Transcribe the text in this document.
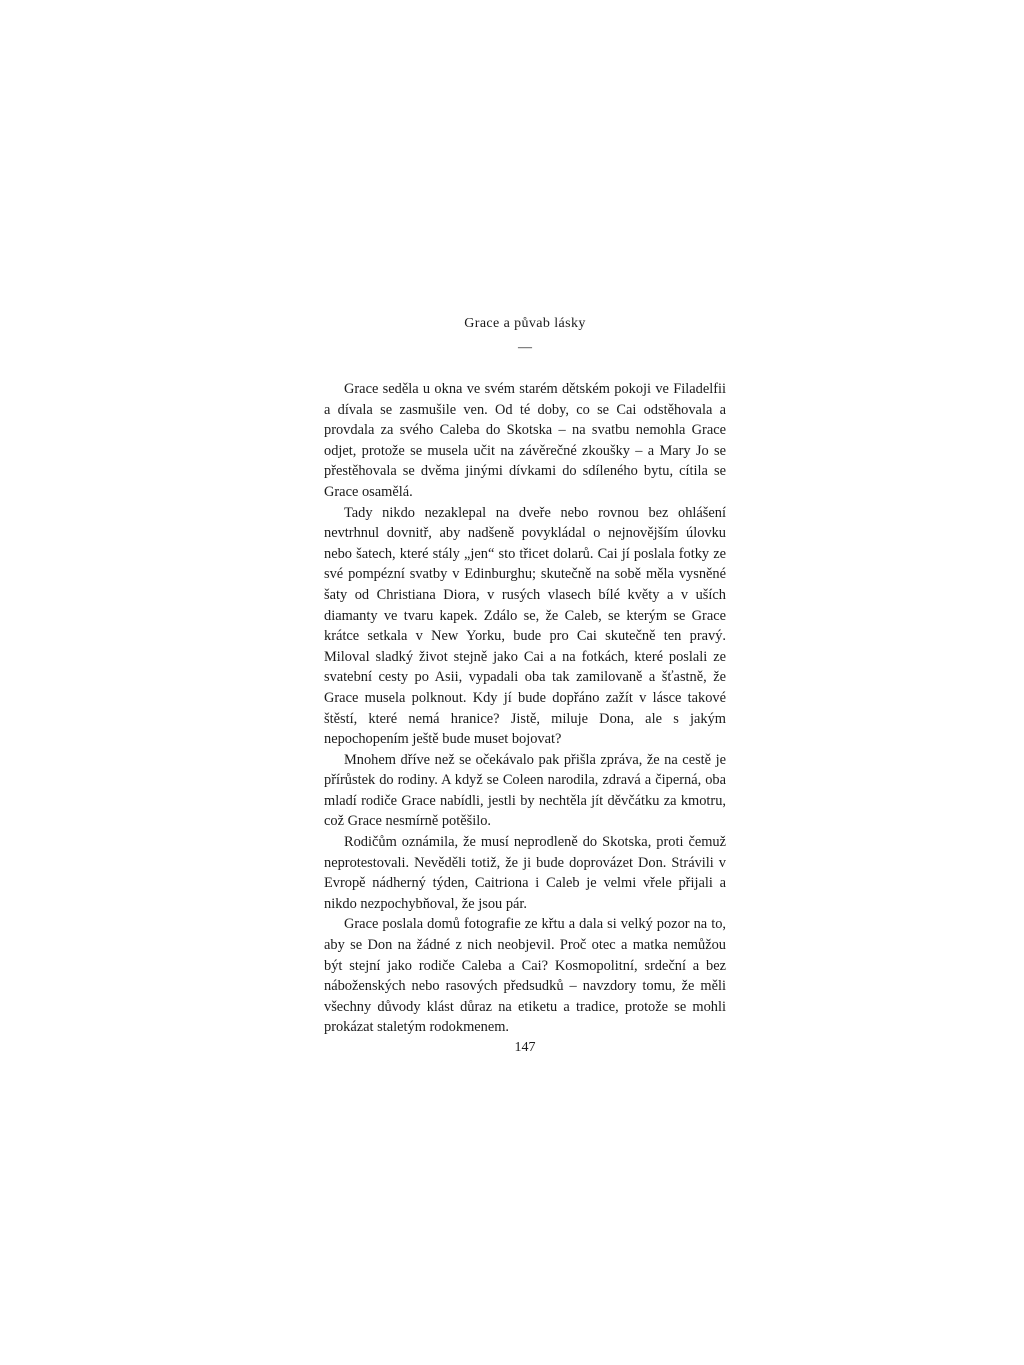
Grace a půvab lásky
—

Grace seděla u okna ve svém starém dětském pokoji ve Filadelfii a dívala se zasmušile ven. Od té doby, co se Cai odstěhovala a provdala za svého Caleba do Skotska – na svatbu nemohla Grace odjet, protože se musela učit na závěrečné zkoušky – a Mary Jo se přestěhovala se dvěma jinými dívkami do sdíleného bytu, cítila se Grace osamělá.

Tady nikdo nezaklepal na dveře nebo rovnou bez ohlášení nevtrhnul dovnitř, aby nadšeně povykládal o nejnovějším úlovku nebo šatech, které stály „jen“ sto třicet dolarů. Cai jí poslala fotky ze své pompézní svatby v Edinburghu; skutečně na sobě měla vysněné šaty od Christiana Diora, v rusých vlasech bílé květy a v uších diamanty ve tvaru kapek. Zdálo se, že Caleb, se kterým se Grace krátce setkala v New Yorku, bude pro Cai skutečně ten pravý. Miloval sladký život stejně jako Cai a na fotkách, které poslali ze svatební cesty po Asii, vypadali oba tak zamilovaně a šťastně, že Grace musela polknout. Kdy jí bude dopřáno zažít v lásce takové štěstí, které nemá hranice? Jistě, miluje Dona, ale s jakým nepochopením ještě bude muset bojovat?

Mnohem dříve než se očekávalo pak přišla zpráva, že na cestě je přírůstek do rodiny. A když se Coleen narodila, zdravá a čiperná, oba mladí rodiče Grace nabídli, jestli by nechtěla jít děvčátku za kmotru, což Grace nesmírně potěšilo.

Rodičům oznámila, že musí neprodleně do Skotska, proti čemuž neprotestovali. Nevěděli totiž, že ji bude doprovázet Don. Strávili v Evropě nádherný týden, Caitriona i Caleb je velmi vřele přijali a nikdo nezpochybňoval, že jsou pár.

Grace poslala domů fotografie ze křtu a dala si velký pozor na to, aby se Don na žádné z nich neobjevil. Proč otec a matka nemůžou být stejní jako rodiče Caleba a Cai? Kosmopolitní, srdeční a bez náboženských nebo rasových předsudků – navzdory tomu, že měli všechny důvody klást důraz na etiketu a tradice, protože se mohli prokázat staletým rodokmenem.

147
